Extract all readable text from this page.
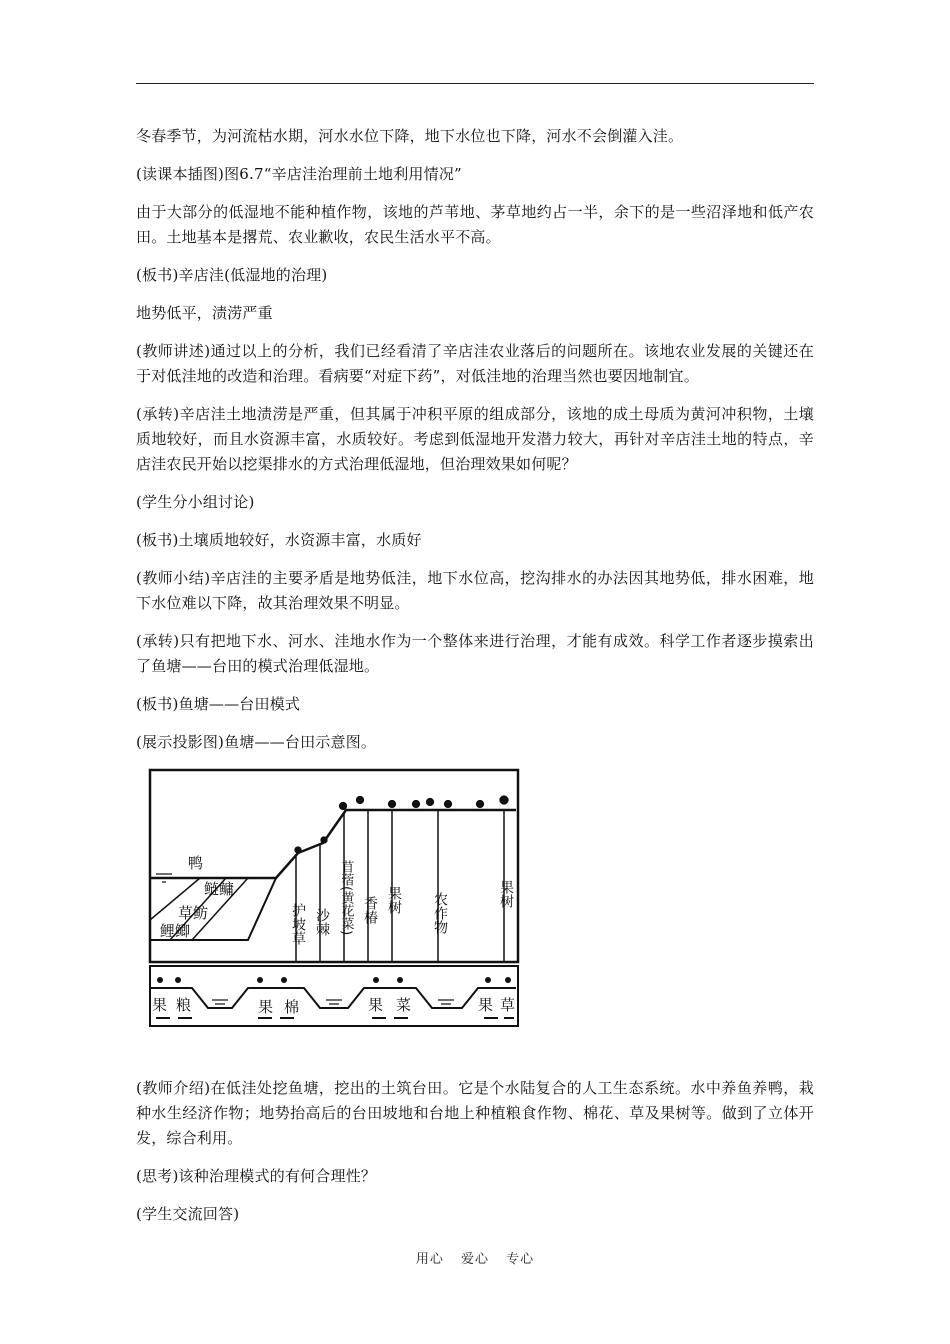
冬春季节，为河流枯水期，河水水位下降，地下水位也下降，河水不会倒灌入洼。

(读课本插图)图6.7“辛店洼治理前土地利用情况”

由于大部分的低湿地不能种植作物，该地的芦苇地、茅草地约占一半，余下的是一些沼泽地和低产农田。土地基本是撂荒、农业歉收，农民生活水平不高。

(板书)辛店洼(低湿地的治理)

地势低平，渍涝严重

(教师讲述)通过以上的分析，我们已经看清了辛店洼农业落后的问题所在。该地农业发展的关键还在于对低洼地的改造和治理。看病要“对症下药”，对低洼地的治理当然也要因地制宜。

(承转)辛店洼土地渍涝是严重，但其属于冲积平原的组成部分，该地的成土母质为黄河冲积物，土壤质地较好，而且水资源丰富，水质较好。考虑到低湿地开发潜力较大，再针对辛店洼土地的特点，辛店洼农民开始以挖渠排水的方式治理低湿地，但治理效果如何呢？

(学生分小组讨论)

(板书)土壤质地较好，水资源丰富，水质好

(教师小结)辛店洼的主要矛盾是地势低洼，地下水位高，挖沟排水的办法因其地势低，排水困难，地下水位难以下降，故其治理效果不明显。

(承转)只有把地下水、河水、洼地水作为一个整体来进行治理，才能有成效。科学工作者逐步摸索出了鱼塘——台田的模式治理低湿地。

(板书)鱼塘——台田模式

(展示投影图)鱼塘——台田示意图。

鸭
鲢鳙
草鲂
鲤鲫	护坡草 沙棘 苜蓿(黄花菜) 香椿 果树 农作物	果树
果 粮	果 棉	果 菜	果 草

(教师介绍)在低洼处挖鱼塘，挖出的土筑台田。它是个水陆复合的人工生态系统。水中养鱼养鸭，栽种水生经济作物；地势抬高后的台田坡地和台地上种植粮食作物、棉花、草及果树等。做到了立体开发，综合利用。

(思考)该种治理模式的有何合理性？

(学生交流回答)

用心 爱心 专心
